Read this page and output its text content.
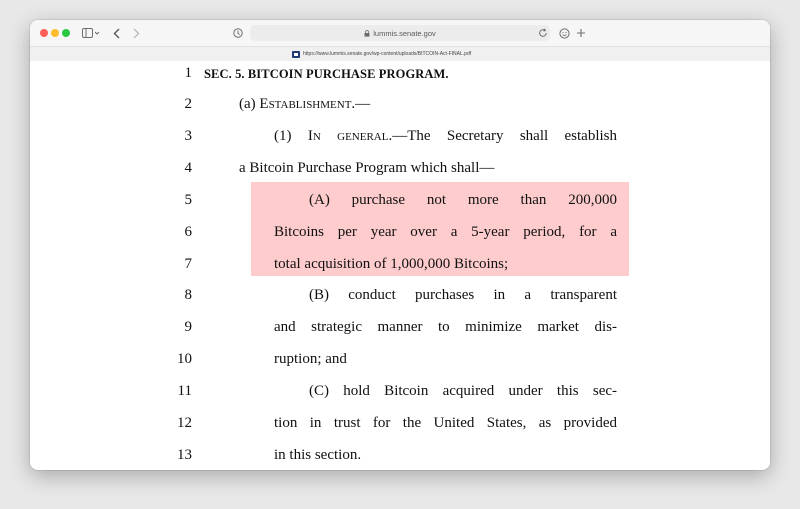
lummis.senate.gov
https://www.lummis.senate.gov/wp-content/uploads/BITCOIN-Act-FINAL.pdf
1 SEC. 5. BITCOIN PURCHASE PROGRAM.
2	(a) Establishment.—
3	(1) In general.—The Secretary shall establish
4	a Bitcoin Purchase Program which shall—
5	(A) purchase not more than 200,000
6	Bitcoins per year over a 5-year period, for a
7	total acquisition of 1,000,000 Bitcoins;
8	(B) conduct purchases in a transparent
9	and strategic manner to minimize market dis-
10	ruption; and
11	(C) hold Bitcoin acquired under this sec-
12	tion in trust for the United States, as provided
13	in this section.
